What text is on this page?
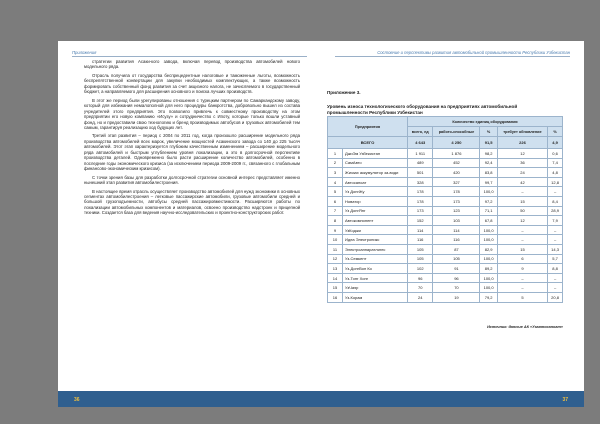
Приложения

стратегии развития Асаки-кого завода, включая перевод производства автомобилей нового модельного ряда.

Отрасль получила от государства беспрецедентные налоговые и таможенные льготы, возможность беспрепятственной конвертации для закупки необходимых комплектующих, а также возможность формировать собственный фонд развития за счет акцизного налога, не зачисляемого в государственный бюджет, а направляемого для расширения основного и поиска лучших производств.

В этот же период были урегулированы отношения с турецким партнером по Самаркандскому заводу, который для избежания немалополной для него процедуры банкротства, добровольно вышел из состава учредителей этого предприятия. Это позволило привлечь к совместному производству на этом предприятии его новую компанию «Исузу» и сотрудничество с Ипоту, которые только вошли уставный фонд, но и предоставили свою технологию и бренд производимых автобусов и грузовых автомобилей тем самым, гарантируя реализацию ход будущих лет.

Третий этап развития – период с 2004 по 2011 год, когда произошло расширение модельного ряда производства автомобилей всех марок, увеличение мощностей Асакинского завода со 140 до 225 тысяч автомобилей. Этот этап характеризуется глубоким качественным изменением – расширение модельного ряда автомобилей и быстрым углублением уровня локализации, а это в долгосрочной перспективе производства деталей. Одновременно было расти расширение количество автомобилей, особенно в последние годы экономического кризиса (за исключением периода 2009-2009 гг., связанного с глобальным финансово-экономическим кризисом).

С точки зрения базы для разработки долгосрочной стратегии основной интерес представляет именно нынешний этап развития автомобилестроения.

В настоящее время отрасль осуществляет производство автомобилей для нужд экономики в основных сегментах автомобилестроения – легковые пассажирские автомобили, грузовые автомобили средней и большой грузоподъемности, автобусы средней пассажировместимости. Расширяются работы по локализации автомобильных компонентов и материалов, освоено производство надстроек и прицепной техники. Создается база для ведения научно-исследовательских и проектно-конструкторских работ.

36
Состояние и перспективы развития автомобильной промышленности Республики Узбекистан
Приложение 3.
Уровень износа технологического оборудования на предприятиях автомобильной промышленности Республики Узбекистан
Предприятия		Количество единиц оборудования				
		всего, ед	работо-способные	%	требует обновление	%
ВСЕГО		4 643	4 250	91,5	226	4,9
1	ДжиЭм Узбекистан	1 911	1 876	98,2	12	0,6
2	СамАвто	489	452	92,4	36	7,4
3	Жиззах аккумулятор за-води	501	420	83,8	24	4,8
4	Автосаноат	328	327	99,7	42	12,8
5	Уз ДонгЖу	178	178	100,0	–	–
6	Новатор	178	173	97,2	15	8,4
7	Уз ДонгЯнг	173	123	71,1	50	28,9
8	Автокомпонент	152	103	67,8	12	7,9
9	УзКоджи	114	114	100,0	–	–
10	Идеа Электроникс	116	116	100,0	–	–
11	Электроаппаратлигес	105	87	82,9	15	14,3
12	Уз-Семкент	105	105	100,0	6	5,7
13	Уз-ДонгВон Ко	102	91	89,2	9	8,8
14	Уз-Тонг Хонг	96	96	100,0	–	–
15	УзЧаэр	70	70	100,0	–	–
16	Уз-Корам	24	19	79,2	5	20,8
Источник: данные АК «Узавтосаноат»
37
